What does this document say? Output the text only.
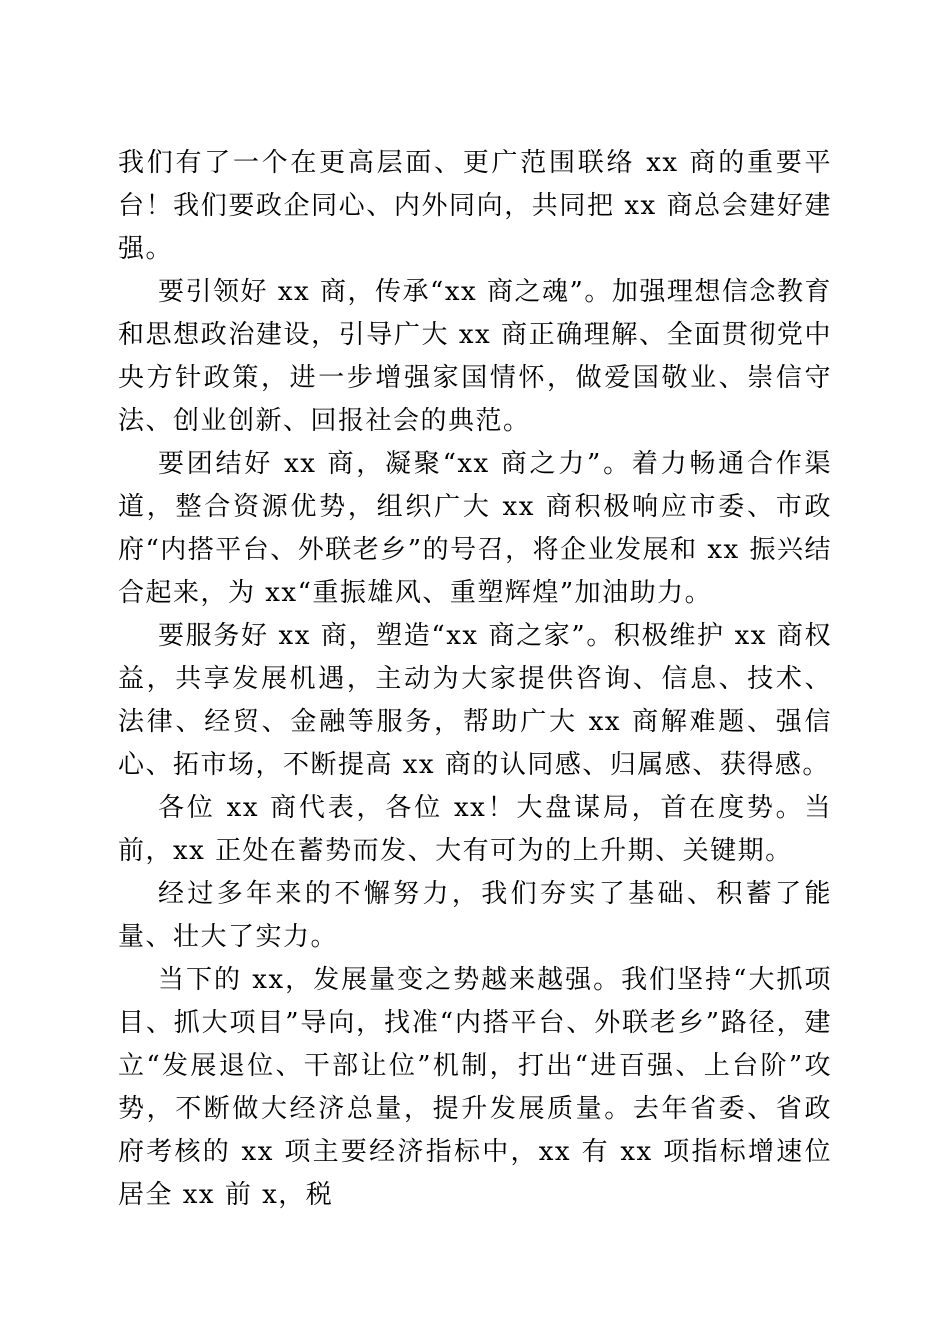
我们有了一个在更高层面、更广范围联络 xx 商的重要平台！我们要政企同心、内外同向，共同把 xx 商总会建好建强。

要引领好 xx 商，传承“xx 商之魂”。加强理想信念教育和思想政治建设，引导广大 xx 商正确理解、全面贯彻党中央方针政策，进一步增强家国情怀，做爱国敬业、崇信守法、创业创新、回报社会的典范。

要团结好 xx 商，凝聚“xx 商之力”。着力畅通合作渠道，整合资源优势，组织广大 xx 商积极响应市委、市政府“内搭平台、外联老乡”的号召，将企业发展和 xx 振兴结合起来，为 xx“重振雄风、重塑辉煌”加油助力。

要服务好 xx 商，塑造“xx 商之家”。积极维护 xx 商权益，共享发展机遇，主动为大家提供咨询、信息、技术、法律、经贸、金融等服务，帮助广大 xx 商解难题、强信心、拓市场，不断提高 xx 商的认同感、归属感、获得感。

各位 xx 商代表，各位 xx！大盘谋局，首在度势。当前，xx 正处在蓄势而发、大有可为的上升期、关键期。

经过多年来的不懈努力，我们夯实了基础、积蓄了能量、壮大了实力。

当下的 xx，发展量变之势越来越强。我们坚持“大抓项目、抓大项目”导向，找准“内搭平台、外联老乡”路径，建立“发展退位、干部让位”机制，打出“进百强、上台阶”攻势，不断做大经济总量，提升发展质量。去年省委、省政府考核的 xx 项主要经济指标中，xx 有 xx 项指标增速位居全 xx 前 x，税
